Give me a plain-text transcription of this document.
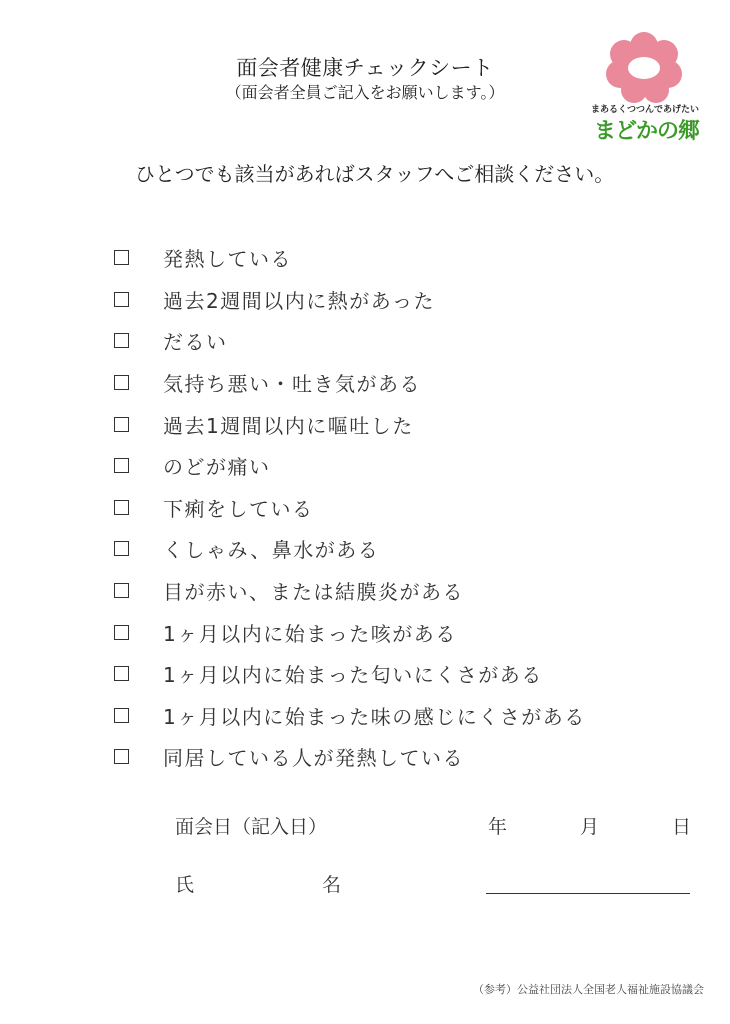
面会者健康チェックシート
（面会者全員ご記入をお願いします。）
まあるくつつんであげたい
まどかの郷
ひとつでも該当があればスタッフへご相談ください。
発熱している
過去2週間以内に熱があった
だるい
気持ち悪い・吐き気がある
過去1週間以内に嘔吐した
のどが痛い
下痢をしている
くしゃみ、鼻水がある
目が赤い、または結膜炎がある
1ヶ月以内に始まった咳がある
1ヶ月以内に始まった匂いにくさがある
1ヶ月以内に始まった味の感じにくさがある
同居している人が発熱している
面会日（記入日）	年	月	日
氏名
（参考）公益社団法人全国老人福祉施設協議会
